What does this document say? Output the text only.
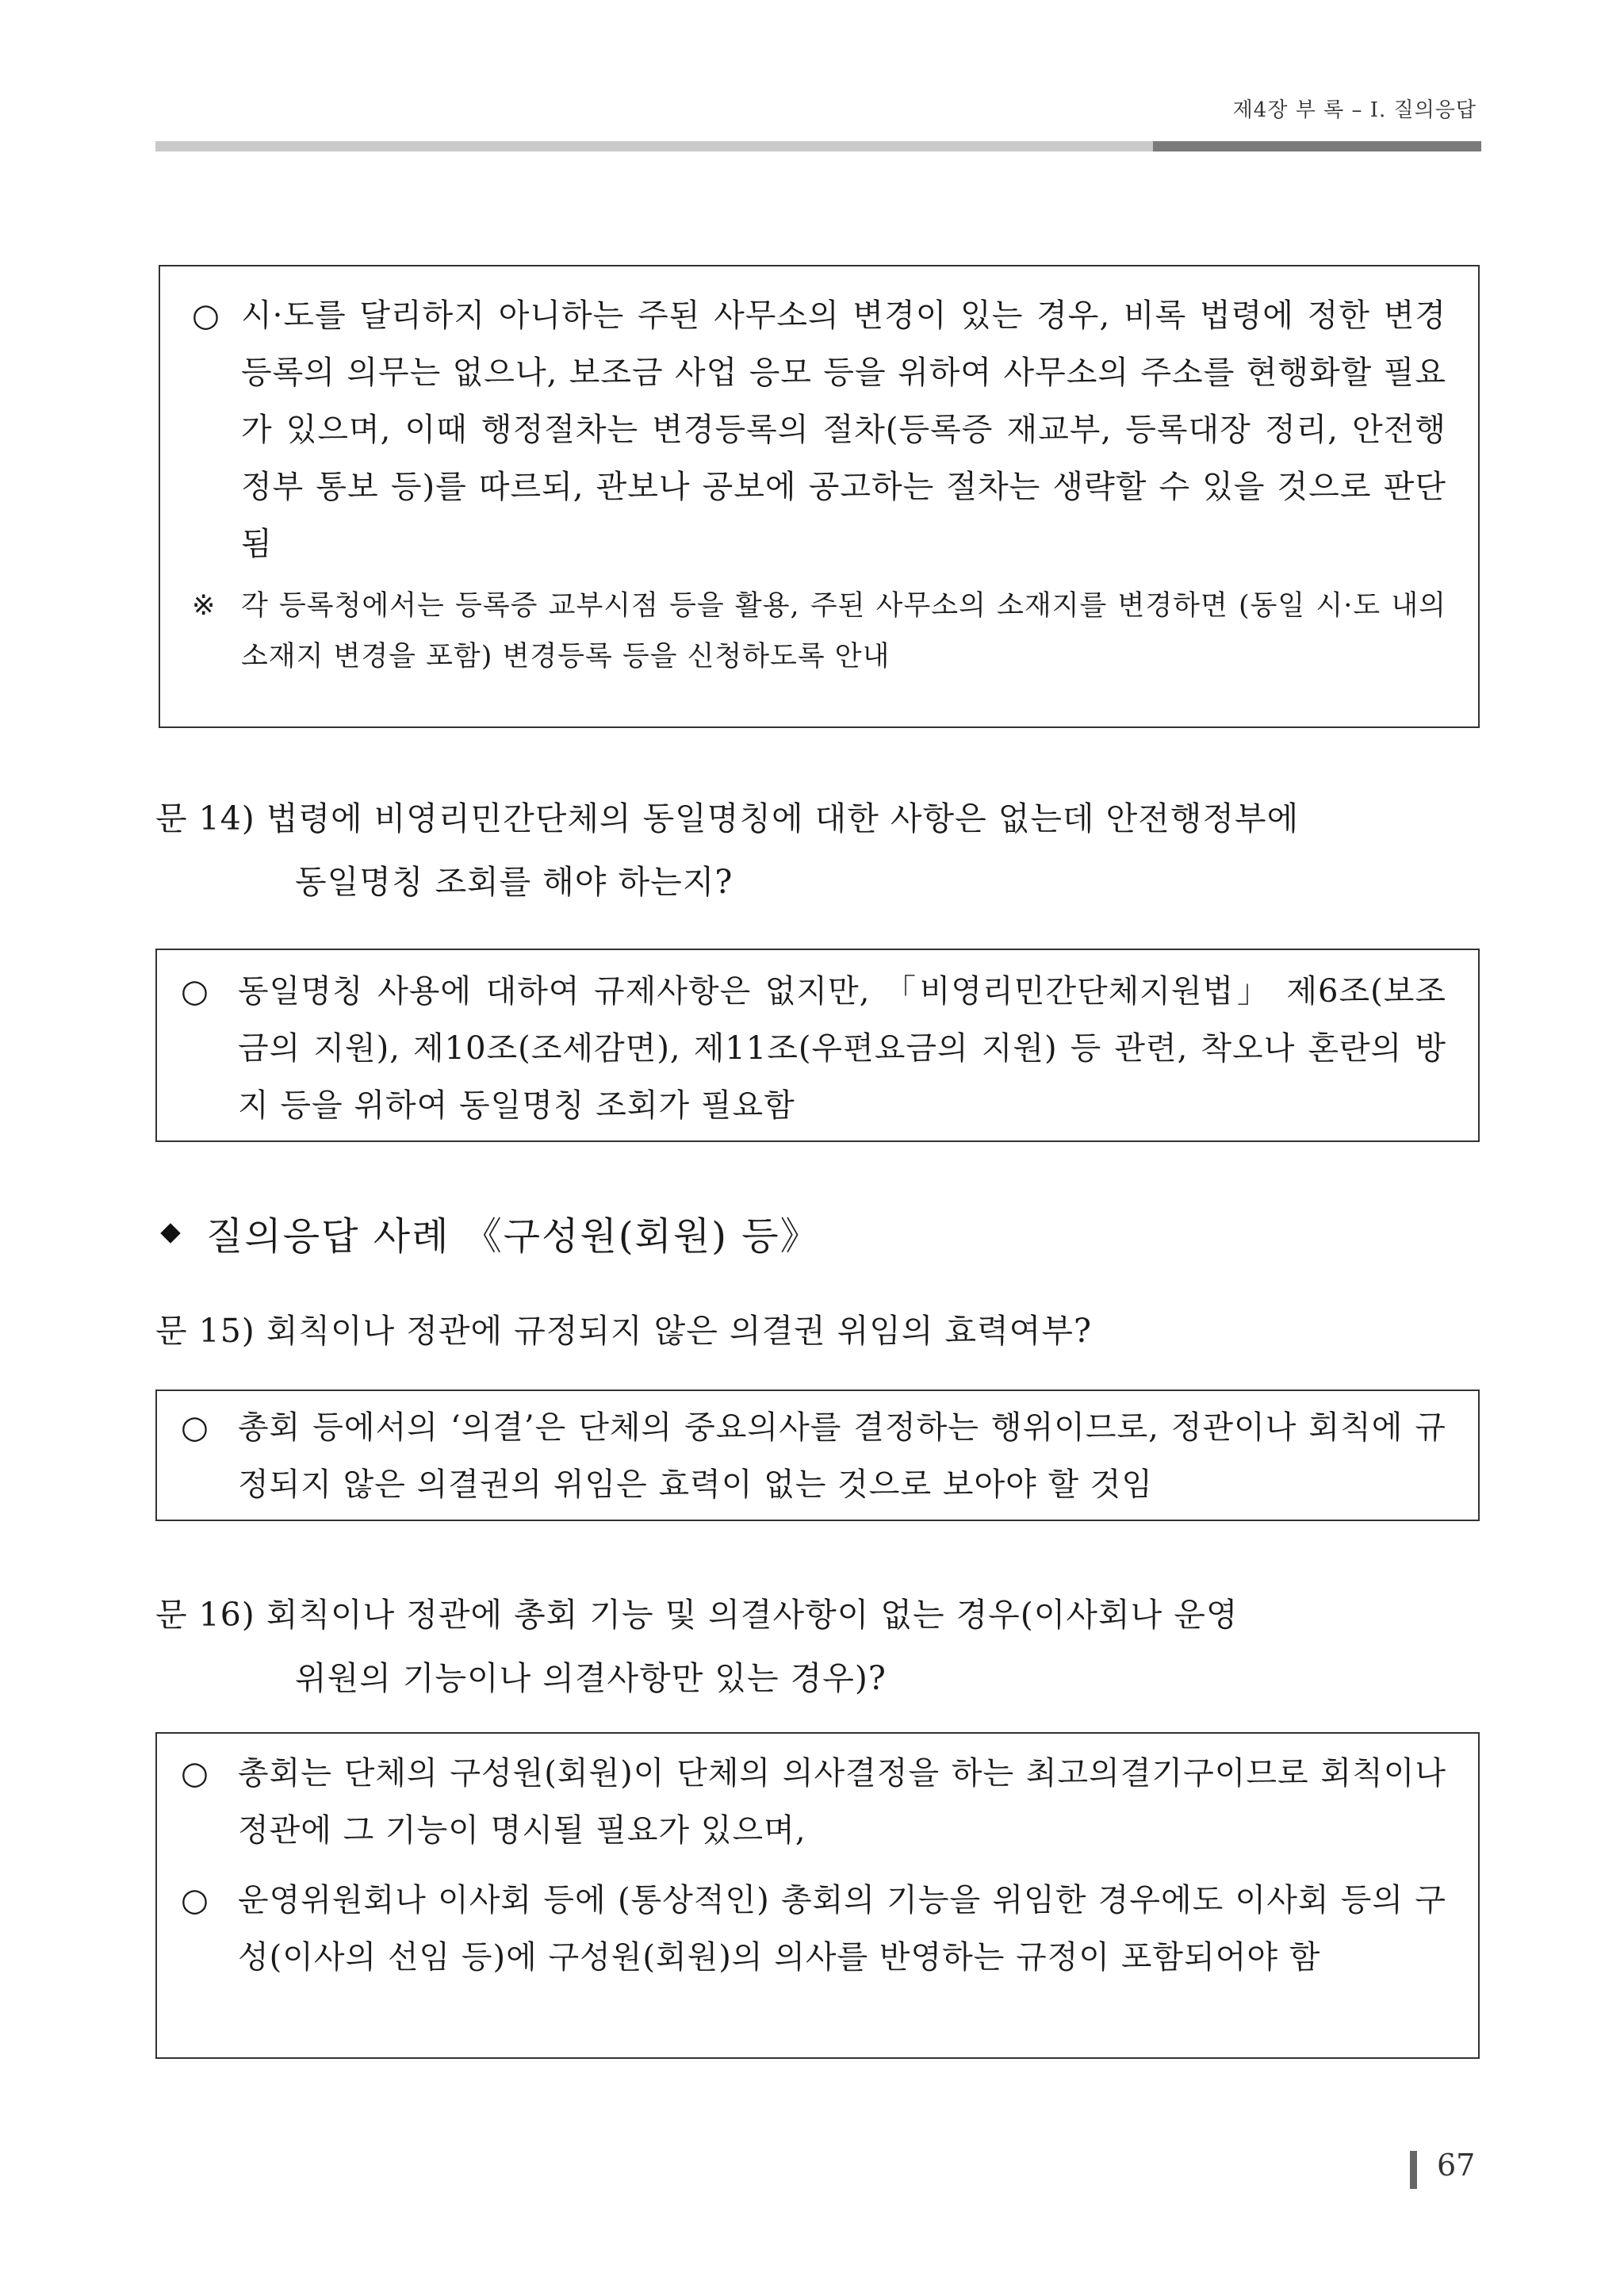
제4장 부 록 – Ⅰ. 질의응답
○ 시·도를 달리하지 아니하는 주된 사무소의 변경이 있는 경우, 비록 법령에 정한 변경등록의 의무는 없으나, 보조금 사업 응모 등을 위하여 사무소의 주소를 현행화할 필요가 있으며, 이때 행정절차는 변경등록의 절차(등록증 재교부, 등록대장 정리, 안전행정부 통보 등)를 따르되, 관보나 공보에 공고하는 절차는 생략할 수 있을 것으로 판단됨
※ 각 등록청에서는 등록증 교부시점 등을 활용, 주된 사무소의 소재지를 변경하면 (동일 시·도 내의 소재지 변경을 포함) 변경등록 등을 신청하도록 안내
문 14) 법령에 비영리민간단체의 동일명칭에 대한 사항은 없는데 안전행정부에
동일명칭 조회를 해야 하는지?
○ 동일명칭 사용에 대하여 규제사항은 없지만, 「비영리민간단체지원법」 제6조(보조금의 지원), 제10조(조세감면), 제11조(우편요금의 지원) 등 관련, 착오나 혼란의 방지 등을 위하여 동일명칭 조회가 필요함
질의응답 사례 《구성원(회원) 등》
문 15) 회칙이나 정관에 규정되지 않은 의결권 위임의 효력여부?
○ 총회 등에서의 ‘의결’은 단체의 중요의사를 결정하는 행위이므로, 정관이나 회칙에 규정되지 않은 의결권의 위임은 효력이 없는 것으로 보아야 할 것임
문 16) 회칙이나 정관에 총회 기능 및 의결사항이 없는 경우(이사회나 운영
위원의 기능이나 의결사항만 있는 경우)?
○ 총회는 단체의 구성원(회원)이 단체의 의사결정을 하는 최고의결기구이므로 회칙이나 정관에 그 기능이 명시될 필요가 있으며,
○ 운영위원회나 이사회 등에 (통상적인) 총회의 기능을 위임한 경우에도 이사회 등의 구성(이사의 선임 등)에 구성원(회원)의 의사를 반영하는 규정이 포함되어야 함
67
